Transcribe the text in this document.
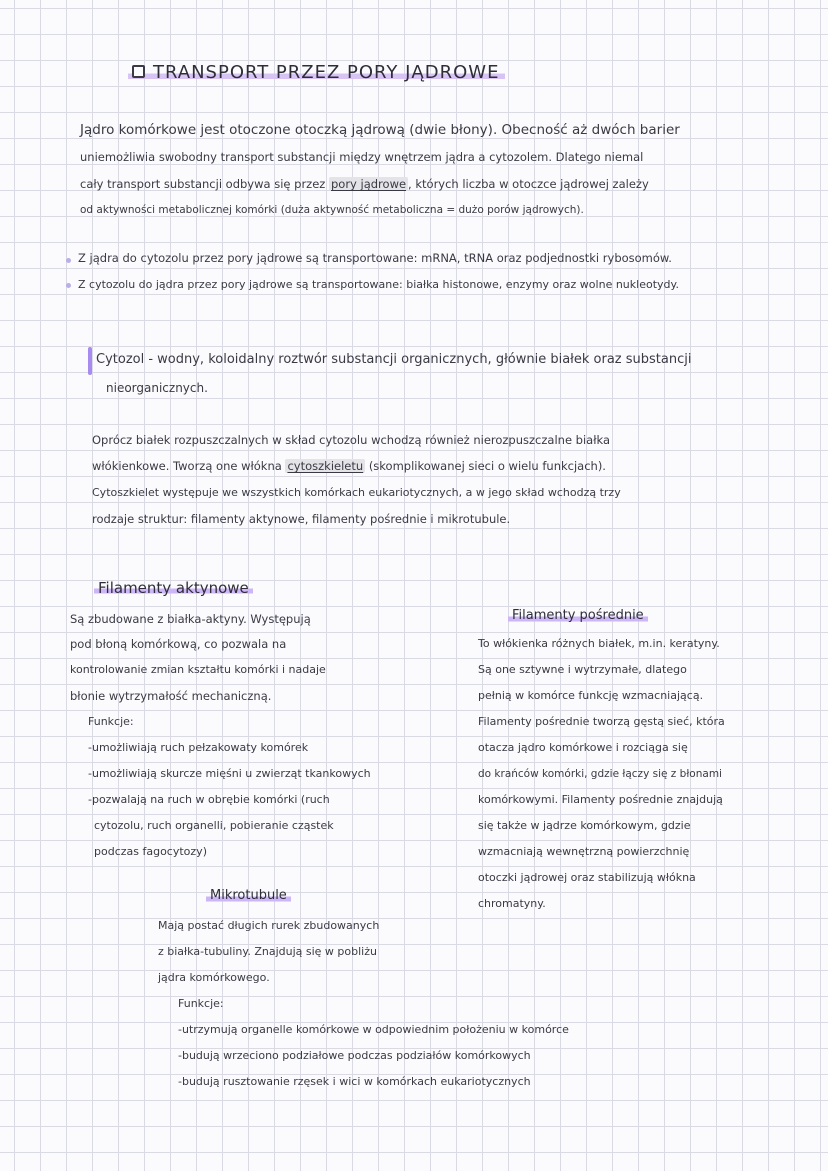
TRANSPORT PRZEZ PORY JĄDROWE
Jądro komórkowe jest otoczone otoczką jądrową (dwie błony). Obecność aż dwóch barier
uniemożliwia swobodny transport substancji między wnętrzem jądra a cytozolem. Dlatego niemal
cały transport substancji odbywa się przez pory jądrowe , których liczba w otoczce jądrowej zależy
od aktywności metabolicznej komórki (duża aktywność metaboliczna = dużo porów jądrowych).
Z jądra do cytozolu przez pory jądrowe są transportowane: mRNA, tRNA oraz podjednostki rybosomów.
Z cytozolu do jądra przez pory jądrowe są transportowane: białka histonowe, enzymy oraz wolne nukleotydy.
Cytozol - wodny, koloidalny roztwór substancji organicznych, głównie białek oraz substancji
nieorganicznych.
Oprócz białek rozpuszczalnych w skład cytozolu wchodzą również nierozpuszczalne białka
włókienkowe. Tworzą one włókna cytoszkieletu (skomplikowanej sieci o wielu funkcjach).
Cytoszkielet występuje we wszystkich komórkach eukariotycznych, a w jego skład wchodzą trzy
rodzaje struktur: filamenty aktynowe, filamenty pośrednie i mikrotubule.
Filamenty aktynowe
Są zbudowane z białka-aktyny. Występują
pod błoną komórkową, co pozwala na
kontrolowanie zmian kształtu komórki i nadaje
błonie wytrzymałość mechaniczną.
Funkcje:
-umożliwiają ruch pełzakowaty komórek
-umożliwiają skurcze mięśni u zwierząt tkankowych
-pozwalają na ruch w obrębie komórki (ruch
cytozolu, ruch organelli, pobieranie cząstek
podczas fagocytozy)
Filamenty pośrednie
To włókienka różnych białek, m.in. keratyny.
Są one sztywne i wytrzymałe, dlatego
pełnią w komórce funkcję wzmacniającą.
Filamenty pośrednie tworzą gęstą sieć, która
otacza jądro komórkowe i rozciąga się
do krańców komórki, gdzie łączy się z błonami
komórkowymi. Filamenty pośrednie znajdują
się także w jądrze komórkowym, gdzie
wzmacniają wewnętrzną powierzchnię
otoczki jądrowej oraz stabilizują włókna
chromatyny.
Mikrotubule
Mają postać długich rurek zbudowanych
z białka-tubuliny. Znajdują się w pobliżu
jądra komórkowego.
Funkcje:
-utrzymują organelle komórkowe w odpowiednim położeniu w komórce
-budują wrzeciono podziałowe podczas podziałów komórkowych
-budują rusztowanie rzęsek i wici w komórkach eukariotycznych
